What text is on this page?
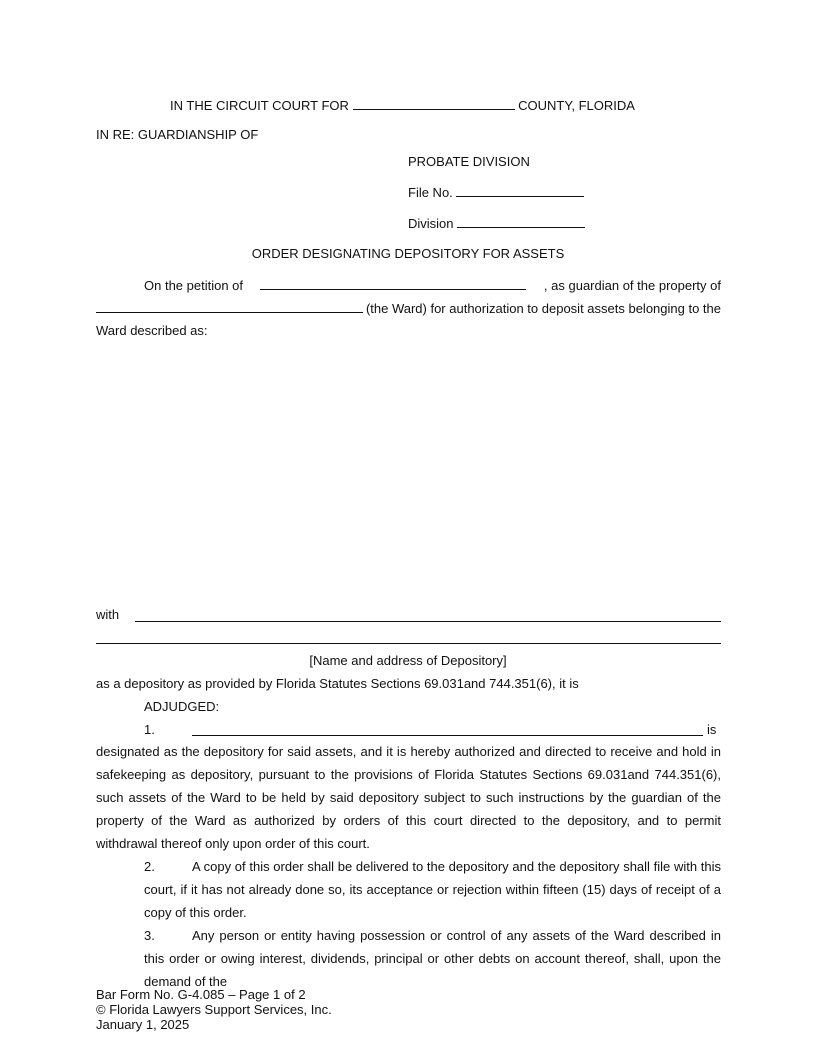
IN THE CIRCUIT COURT FOR	COUNTY, FLORIDA
IN RE: GUARDIANSHIP OF
PROBATE DIVISION
File No.
Division
ORDER DESIGNATING DEPOSITORY FOR ASSETS
On the petition of	, as guardian of the property of
(the Ward) for authorization to deposit assets belonging to the
Ward described as:
with
[Name and address of Depository]
as a depository as provided by Florida Statutes Sections 69.031and 744.351(6), it is
ADJUDGED:
1.	is
designated as the depository for said assets, and it is hereby authorized and directed to receive and hold in safekeeping as depository, pursuant to the provisions of Florida Statutes Sections 69.031and 744.351(6), such assets of the Ward to be held by said depository subject to such instructions by the guardian of the property of the Ward as authorized by orders of this court directed to the depository, and to permit withdrawal thereof only upon order of this court.
2.	A copy of this order shall be delivered to the depository and the depository shall file with this court, if it has not already done so, its acceptance or rejection within fifteen (15) days of receipt of a copy of this order.
3.	Any person or entity having possession or control of any assets of the Ward described in this order or owing interest, dividends, principal or other debts on account thereof, shall, upon the demand of the
Bar Form No. G-4.085 – Page 1 of 2
© Florida Lawyers Support Services, Inc.
January 1, 2025
